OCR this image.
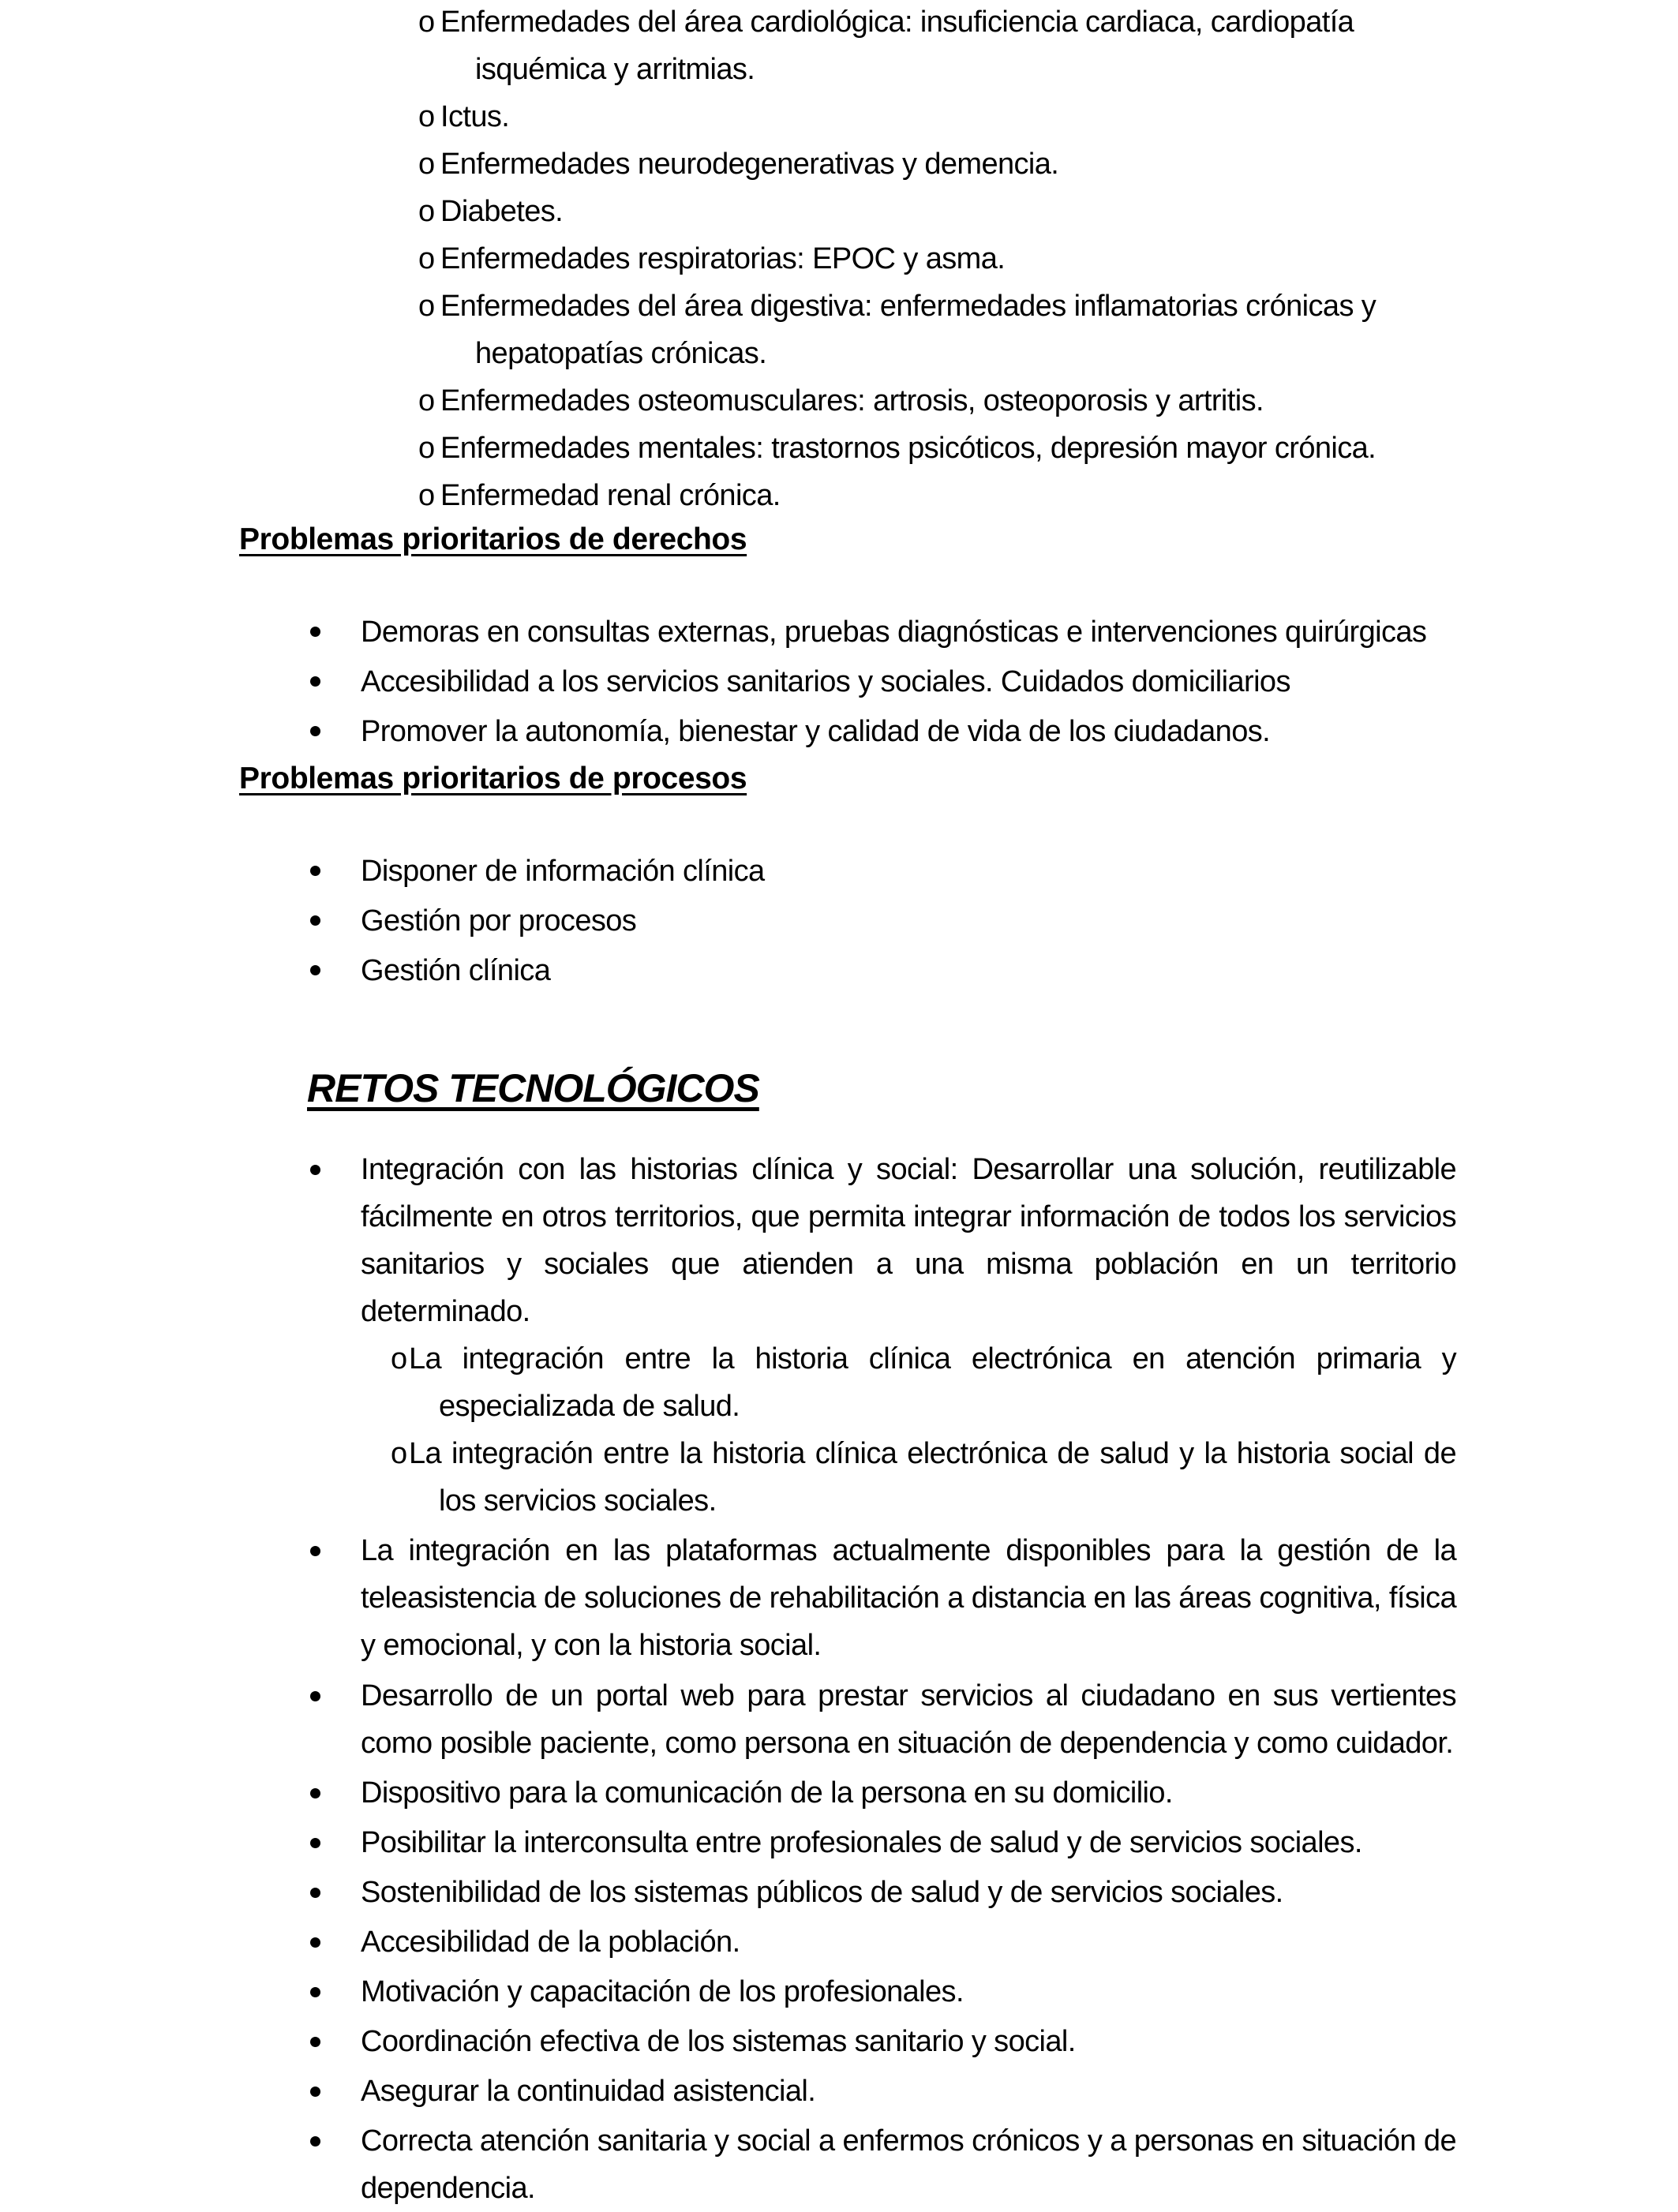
o Enfermedades del área cardiológica: insuficiencia cardiaca, cardiopatía
isquémica y arritmias.
o Ictus.
o Enfermedades neurodegenerativas y demencia.
o Diabetes.
o Enfermedades respiratorias: EPOC y asma.
o Enfermedades del área digestiva: enfermedades inflamatorias crónicas y
hepatopatías crónicas.
o Enfermedades osteomusculares: artrosis, osteoporosis y artritis.
o Enfermedades mentales: trastornos psicóticos, depresión mayor crónica.
o Enfermedad renal crónica.
Problemas prioritarios de derechos
Demoras en consultas externas, pruebas diagnósticas e intervenciones quirúrgicas
Accesibilidad a los servicios sanitarios y sociales. Cuidados domiciliarios
Promover la autonomía, bienestar y calidad de vida de los ciudadanos.
Problemas prioritarios de procesos
Disponer de información clínica
Gestión por procesos
Gestión clínica
RETOS TECNOLÓGICOS
Integración con las historias clínica y social: Desarrollar una solución, reutilizable fácilmente en otros territorios, que permita integrar información de todos los servicios sanitarios y sociales que atienden a una misma población en un territorio determinado.
o La integración entre la historia clínica electrónica en atención primaria y especializada de salud.
o La integración entre la historia clínica electrónica de salud y la historia social de los servicios sociales.
La integración en las plataformas actualmente disponibles para la gestión de la teleasistencia de soluciones de rehabilitación a distancia en las áreas cognitiva, física y emocional, y con la historia social.
Desarrollo de un portal web para prestar servicios al ciudadano en sus vertientes como posible paciente, como persona en situación de dependencia y como cuidador.
Dispositivo para la comunicación de la persona en su domicilio.
Posibilitar la interconsulta entre profesionales de salud y de servicios sociales.
Sostenibilidad de los sistemas públicos de salud y de servicios sociales.
Accesibilidad de la población.
Motivación y capacitación de los profesionales.
Coordinación efectiva de los sistemas sanitario y social.
Asegurar la continuidad asistencial.
Correcta atención sanitaria y social a enfermos crónicos y a personas en situación de dependencia.
